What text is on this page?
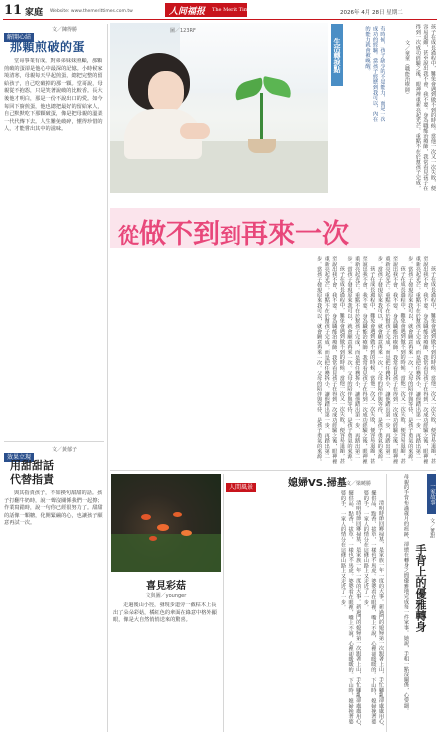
11 家庭 Website: www.themerittimes.com.tw	人间福报 The Merit Times	2026年 4月 28日 星期二
解開心結
文／陳得勝
那顆煎破的蛋

堂哥事業有成，對弟弟妹妹照顧，那顆煎破的蛋卻是他心中最深的記憶。小時候家境清寒，母親每天早起煎蛋，總把完整的留給孩子，自己吃破掉的那一顆。堂哥說，母親從不抱怨，只是笑著說破的比較香。長大後他才明白，那是一份不說出口的愛。如今每回下廚煎蛋，他也總把最好的留給家人，自己默默吃下那顆破蛋，像是把母親的溫柔一代代傳下去。人生難免破碎，懂得珍惜的人，才能嘗出其中的滋味。

效果立現
文／黃郁子
用甜甜話
代替指責

與其指責孩子，不如換句甜甜的話。孩子打翻牛奶時，說一聲沒關係我們一起擦；作業寫錯時，說一句你已經很努力了。甜甜的話像一顆糖，化開緊繃的心，也讓孩子願意再試一次。

圖／123RF
生活轉捩點	有時候，孩子缺少的不是能力，而是一次成功的經驗。當孩子經歷到我可以，內在的能力就會被喚醒。	文／童童（職能治療師）
孩子在成長過程中，難免會遇到做不到的時候。當他一次又一次失敗，便容易退縮，甚至說出我不會、我不要。身為職能治療師，我常看見孩子在得到一次成功經驗之後，眼神裡重新亮起光芒。重點不在於幫孩子完成，
從做不到到再來一次

孩子在成長過程中，難免會遇到做不到的時候。當他一次又一次失敗，便容易退縮，甚至說出我不會、我不要。身為職能治療師，我常看見孩子在得到一次成功經驗之後，眼神裡重新亮起光芒。重點不在於幫孩子完成，而是把任務拆小，讓他踏出第一步、再踏出第二步。當孩子發現原來我可以，就會願意再來一次。父母的陪伴與等待，是孩子勇氣的來源。

孩子在成長過程中，難免會遇到做不到的時候。當他一次又一次失敗，便容易退縮，甚至說出我不會、我不要。身為職能治療師，我常看見孩子在得到一次成功經驗之後，眼神裡重新亮起光芒。重點不在於幫孩子完成，而是把任務拆小，讓他踏出第一步、再踏出第二步。當孩子發現原來我可以，就會願意再來一次。父母的陪伴與等待，是孩子勇氣的來源。

孩子在成長過程中，難免會遇到做不到的時候。當他一次又一次失敗，便容易退縮，甚至說出我不會、我不要。身為職能治療師，我常看見孩子在得到一次成功經驗之後，眼神裡重新亮起光芒。重點不在於幫孩子完成，而是把任務拆小，讓他踏出第一步、再踏出第二步。當孩子發現原來我可以，就會願意再來一次。父母的陪伴與等待，是孩子勇氣的來源。

孩子在成長過程中，難免會遇到做不到的時候。當他一次又一次失敗，便容易退縮，甚至說出我不會、我不要。身為職能治療師，我常看見孩子在得到一次成功經驗之後，眼神裡重新亮起光芒。重點不在於幫孩子完成，而是把任務拆小，讓他踏出第一步、再踏出第二步。當孩子發現原來我可以，就會願意再來一次。父母的陪伴與等待，是孩子勇氣的來源。

喜見彩菇
文與圖／younger

走過後山小徑，發現步道旁一截枯木上長出了朵朵彩菇，橘紅色的傘面在綠意中格外顯眼，像是大自然悄悄送來的驚喜。

人間風景	媳婦VS.掃墓 文／梁曉勝

清明時節回鄉掃墓，是家族一年一度的大事。新過門的媳婦第一次跟著上山，手忙腳亂卻處處用心，擺供品、點香、拔草，一樣也不馬虎。婆婆看在眼裡，嘴上不說，心裡卻暖暖的。下山時，媳婦挽著婆婆的手，一家人的情分在這條山路上又走近了一步。

清明時節回鄉掃墓，是家族一年一度的大事。新過門的媳婦第一次跟著上山，手忙腳亂卻處處用心，擺供品、點香、拔草，一樣也不馬虎。婆婆看在眼裡，嘴上不說，心裡卻暖暖的。下山時，媳婦挽著婆婆的手，一家人的情分在這條山路上又走近了一步。	母親的手背布滿歲月的痕跡，卻總在轉身之間優雅地完成每一件家事。她說，手粗一點沒關係，心要細。 手背上的優雅轉身
一家故事
文／董甜
